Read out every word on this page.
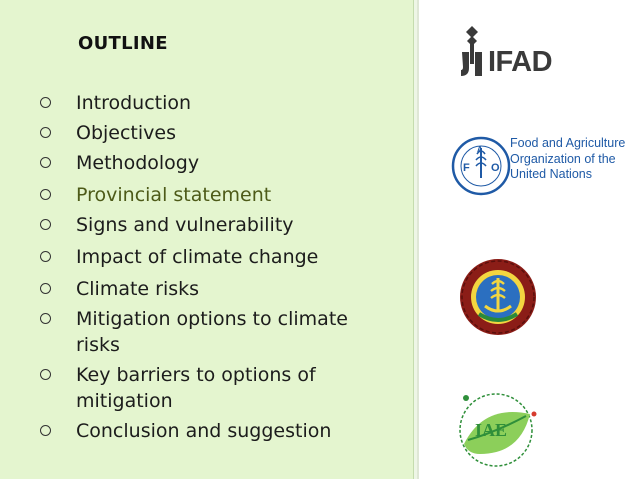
OUTLINE
Introduction
Objectives
Methodology
Provincial statement
Signs and vulnerability
Impact of climate change
Climate risks
Mitigation options to climate
risks
Key barriers to options of
mitigation
Conclusion and suggestion
IFAD
F O
A Food and Agriculture
Organization of the
United Nations
IAE
